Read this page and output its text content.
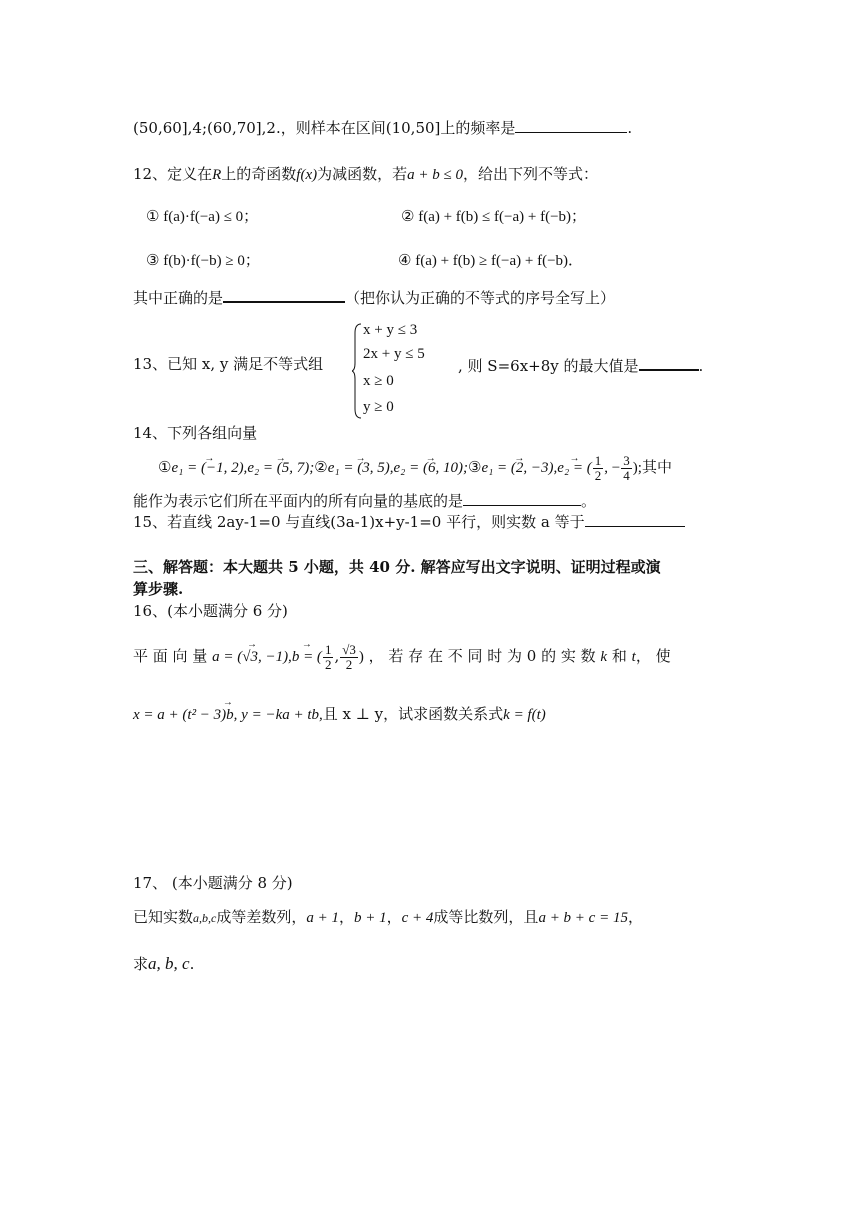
(50,60],4;(60,70],2.，则样本在区间(10,50]上的频率是	.
12、定义在R上的奇函数f(x)为减函数，若a + b ≤ 0，给出下列不等式：
① f(a)·f(−a) ≤ 0；	② f(a) + f(b) ≤ f(−a) + f(−b)；
③ f(b)·f(−b) ≥ 0；	④ f(a) + f(b) ≥ f(−a) + f(−b)．
其中正确的是	（把你认为正确的不等式的序号全写上）
13、已知 x, y 满足不等式组
x + y ≤ 3
2x + y ≤ 5
x ≥ 0
y ≥ 0
, 则 S=6x+8y 的最大值是	.
14、下列各组向量
①→ e₁ = (−1, 2),→ e₂ = (5, 7);②→ e₁ = (3, 5),→ e₂ = (6, 10);③→ e₁ = (2, −3),→ e₂ = ( $\frac{1}{2}$ , − $\frac{3}{4}$ );其中
能作为表示它们所在平面内的所有向量的基底的是	。
15、若直线 2ay-1=0 与直线(3a-1)x+y-1=0 平行，则实数 a 等于
三、解答题：本大题共 5 小题，共 40 分. 解答应写出文字说明、证明过程或演
算步骤.
16、(本小题满分 6 分)
平 面 向 量 → a = (√3, −1),→ b = ( $\frac{1}{2}$ , $\frac{√3}{2}$ ) ， 若 存 在 不 同 时 为 0 的 实 数 k 和 t， 使
→ x = a + (t² − 3)b, y = −ka + tb,且 x ⊥ y，试求函数关系式k = f(t)
17、 (本小题满分 8 分)
已知实数a,b,c成等差数列，a + 1，b + 1，c + 4成等比数列，且a + b + c = 15，
求a, b, c.
